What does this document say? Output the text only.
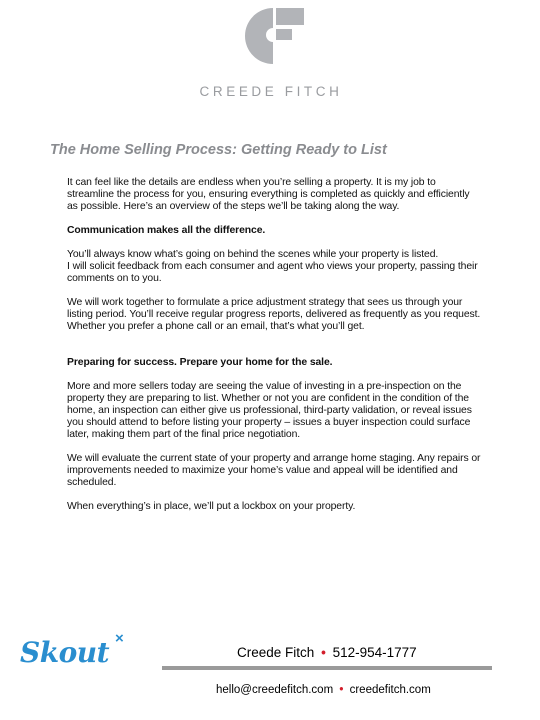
CREEDE FITCH
The Home Selling Process: Getting Ready to List

It can feel like the details are endless when you’re selling a property. It is my job to
streamline the process for you, ensuring everything is completed as quickly and efficiently
as possible. Here’s an overview of the steps we’ll be taking along the way.

Communication makes all the difference.

You’ll always know what’s going on behind the scenes while your property is listed.
I will solicit feedback from each consumer and agent who views your property, passing their
comments on to you.

We will work together to formulate a price adjustment strategy that sees us through your
listing period. You’ll receive regular progress reports, delivered as frequently as you request.
Whether you prefer a phone call or an email, that’s what you’ll get.

Preparing for success. Prepare your home for the sale.

More and more sellers today are seeing the value of investing in a pre-inspection on the
property they are preparing to list. Whether or not you are confident in the condition of the
home, an inspection can either give us professional, third-party validation, or reveal issues
you should attend to before listing your property – issues a buyer inspection could surface
later, making them part of the final price negotiation.

We will evaluate the current state of your property and arrange home staging. Any repairs or
improvements needed to maximize your home’s value and appeal will be identified and
scheduled.

When everything’s in place, we’ll put a lockbox on your property.

Skout ×
Creede Fitch • 512-954-1777
hello@creedefitch.com • creedefitch.com
